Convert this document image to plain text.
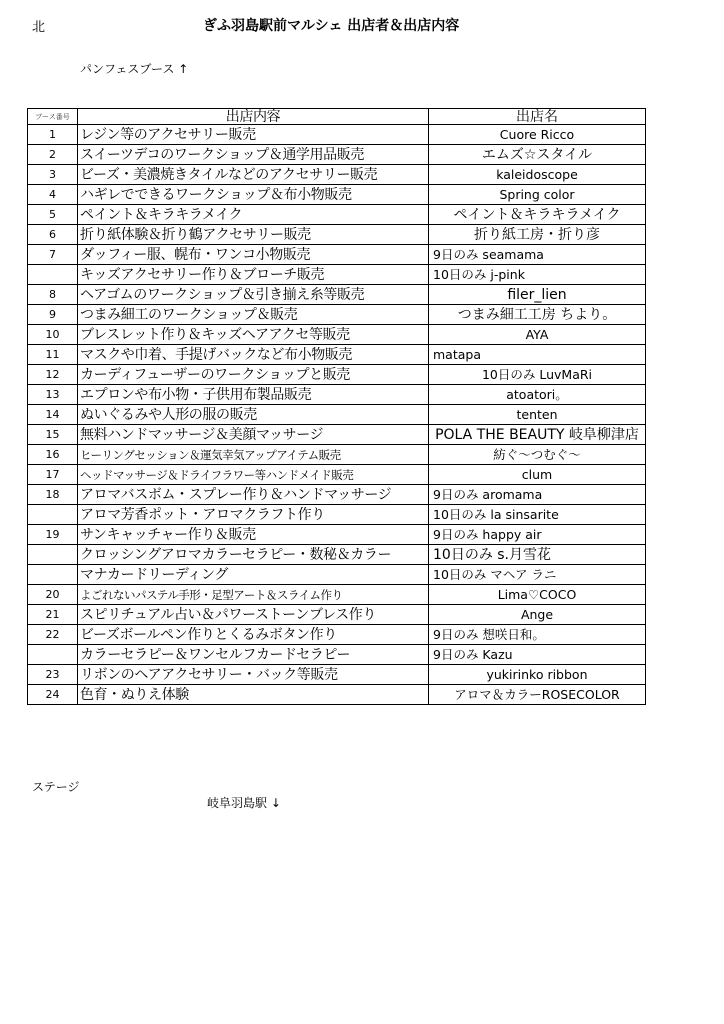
北	ぎふ羽島駅前マルシェ 出店者＆出店内容
パンフェスブース ↑
ブース番号	出店内容	出店名
1	レジン等のアクセサリー販売	Cuore Ricco
2	スイーツデコのワークショップ＆通学用品販売	エムズ☆スタイル
3	ビーズ・美濃焼きタイルなどのアクセサリー販売	kaleidoscope
4	ハギレでできるワークショップ＆布小物販売	Spring color
5	ペイント＆キラキラメイク	ペイント＆キラキラメイク
6	折り紙体験＆折り鶴アクセサリー販売	折り紙工房・折り彦
7	ダッフィー服、幌布・ワンコ小物販売	9日のみ seamama
	キッズアクセサリー作り＆ブローチ販売	10日のみ j-pink
8	ヘアゴムのワークショップ＆引き揃え糸等販売	filer_lien
9	つまみ細工のワークショップ＆販売	つまみ細工工房 ちより。
10	ブレスレット作り＆キッズヘアアクセ等販売	AYA
11	マスクや巾着、手提げバックなど布小物販売	matapa
12	カーディフューザーのワークショップと販売	10日のみ LuvMaRi
13	エプロンや布小物・子供用布製品販売	atoatori。
14	ぬいぐるみや人形の服の販売	tenten
15	無料ハンドマッサージ＆美顔マッサージ	POLA THE BEAUTY 岐阜柳津店
16	ヒーリングセッション＆運気幸気アップアイテム販売	紡ぐ～つむぐ～
17	ヘッドマッサージ＆ドライフラワー等ハンドメイド販売	clum
18	アロマバスボム・スプレー作り＆ハンドマッサージ	9日のみ aromama
	アロマ芳香ポット・アロマクラフト作り	10日のみ la sinsarite
19	サンキャッチャー作り＆販売	9日のみ happy air
	クロッシングアロマカラーセラピー・数秘＆カラー	10日のみ s.月雪花
	マナカードリーディング	10日のみ マヘア ラニ
20	よごれないパステル手形・足型アート＆スライム作り	Lima♡COCO
21	スピリチュアル占い＆パワーストーンブレス作り	Ange
22	ビーズボールペン作りとくるみボタン作り	9日のみ 想咲日和。
	カラーセラピー＆ワンセルフカードセラピー	9日のみ Kazu
23	リボンのヘアアクセサリー・バック等販売	yukirinko ribbon
24	色育・ぬりえ体験	アロマ＆カラーROSECOLOR
ステージ
岐阜羽島駅 ↓
